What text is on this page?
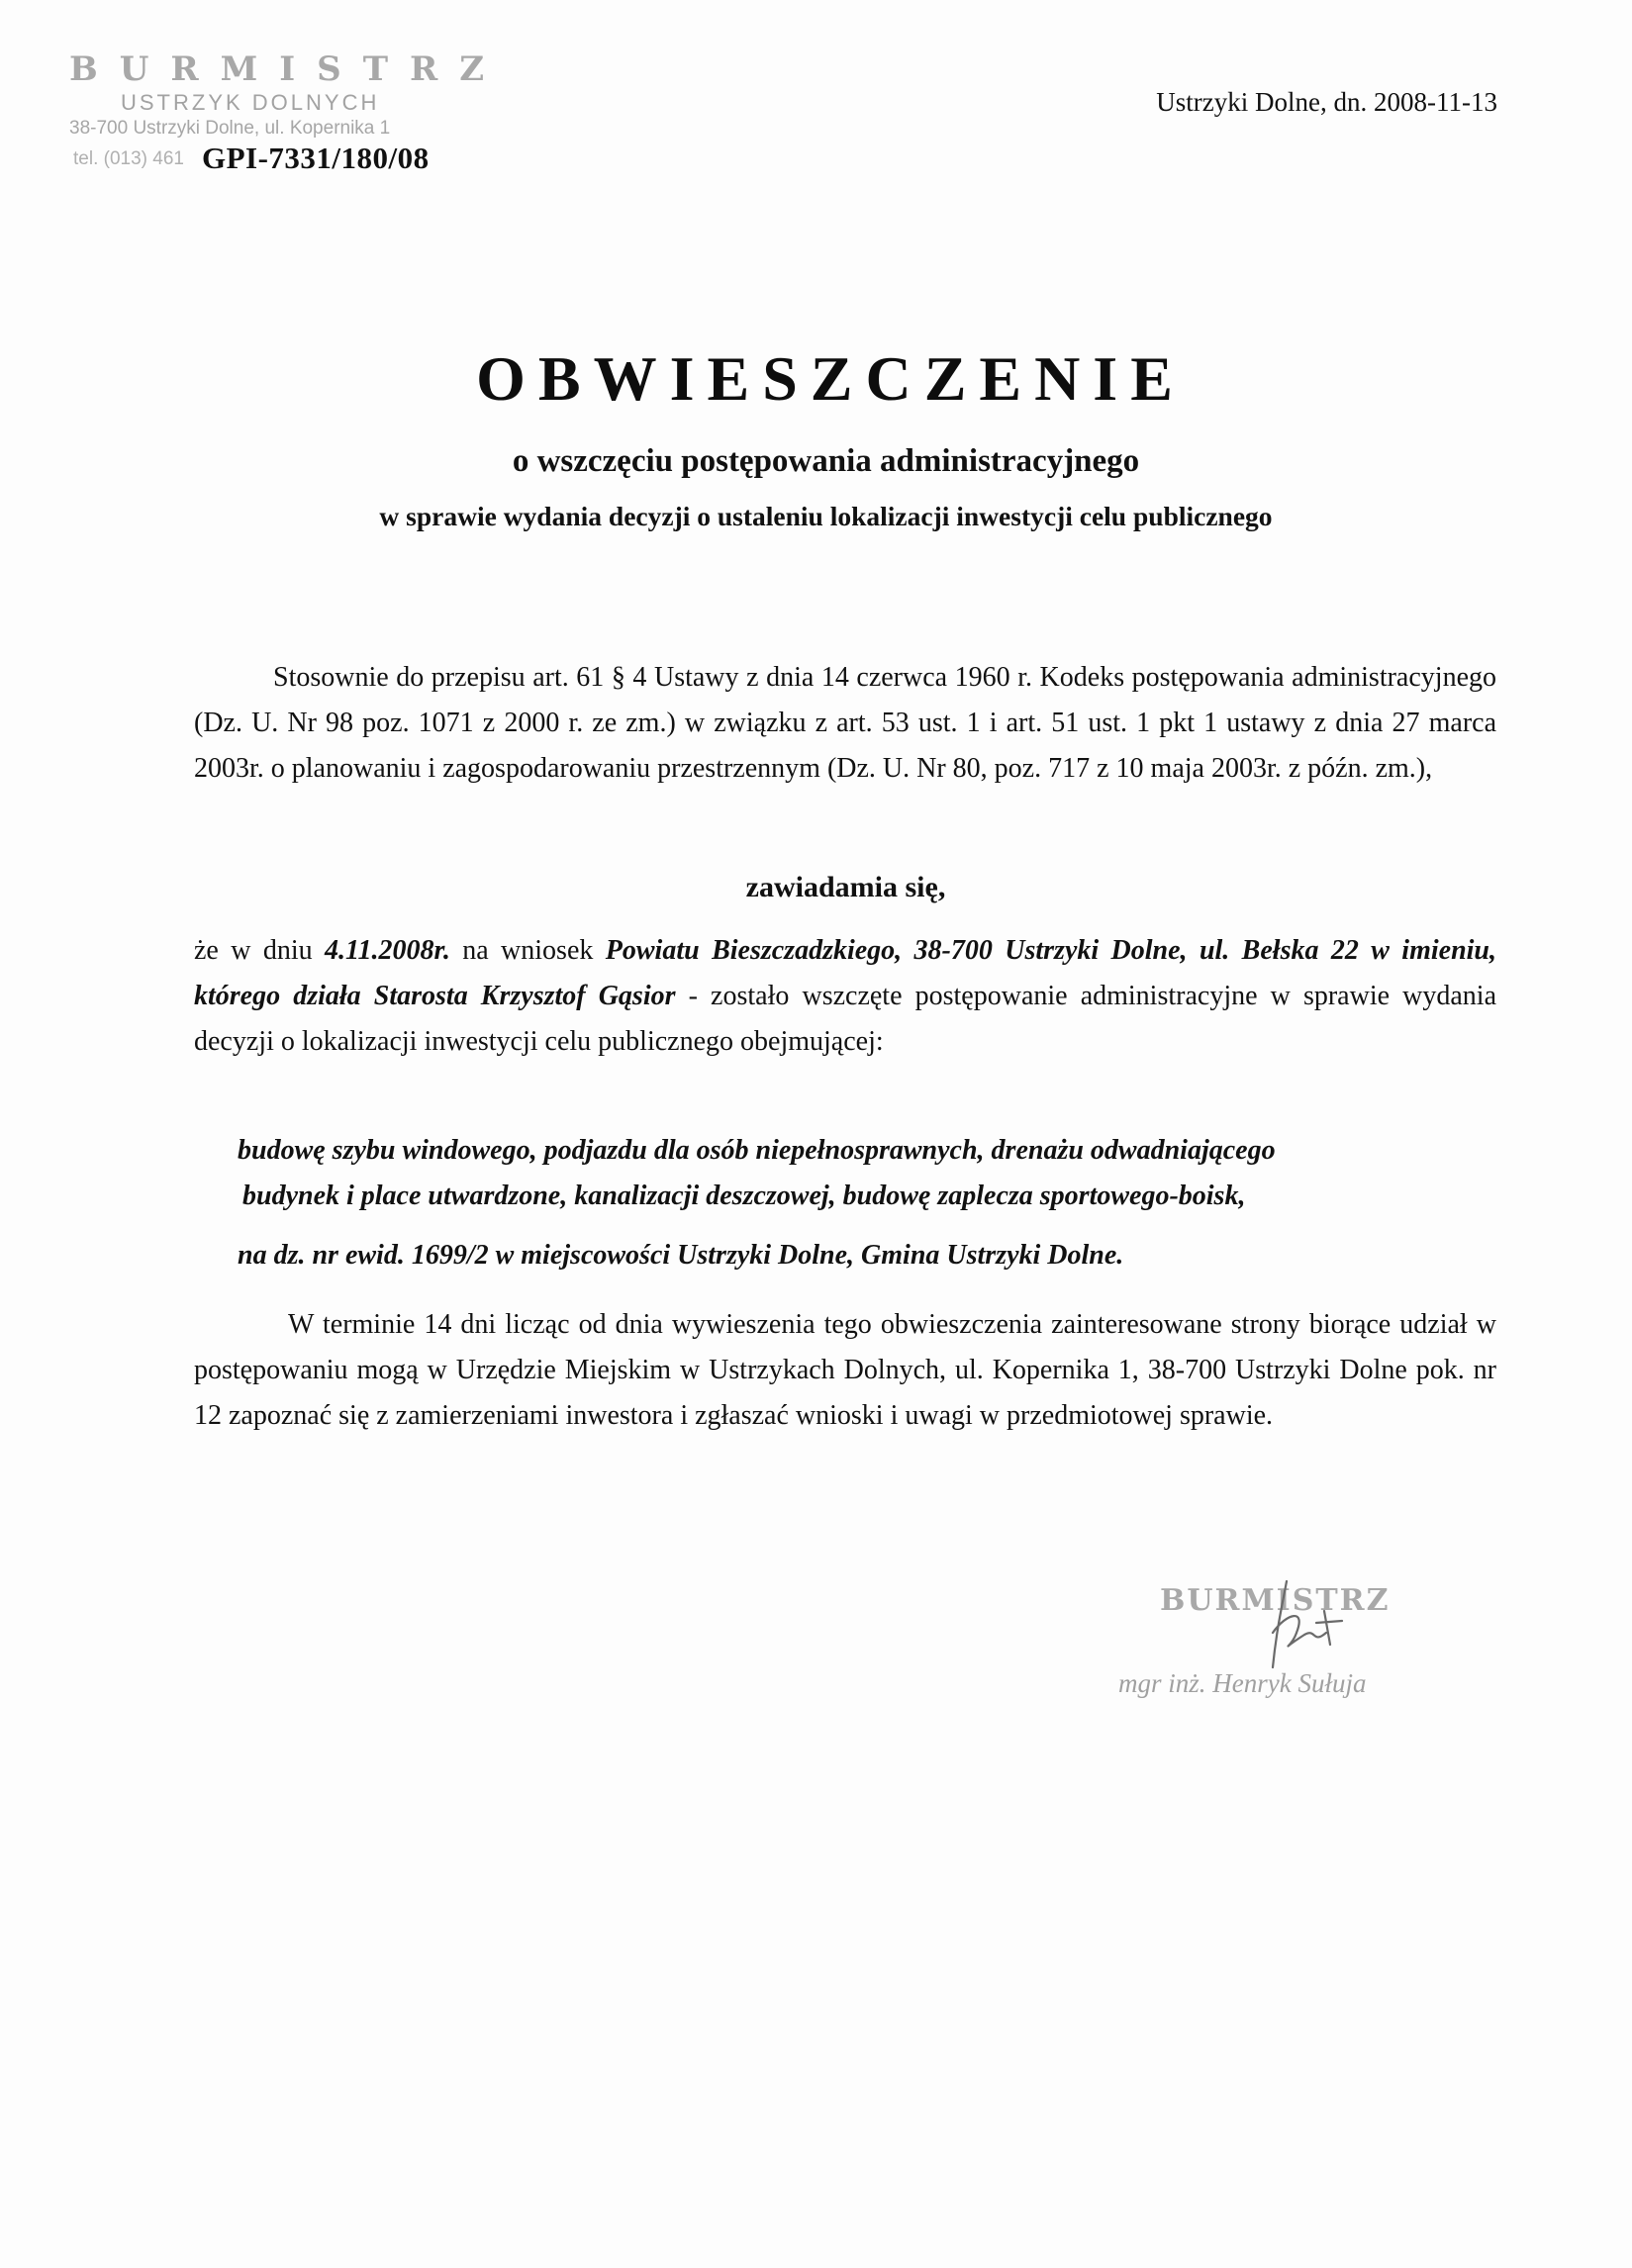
BURMISTRZ
USTRZYK DOLNYCH
38-700 Ustrzyki Dolne, ul. Kopernika 1
tel. (013) 461 GPI-7331/180/08
Ustrzyki Dolne, dn. 2008-11-13
OBWIESZCZENIE
o wszczęciu postępowania administracyjnego
w sprawie wydania decyzji o ustaleniu lokalizacji inwestycji celu publicznego
Stosownie do przepisu art. 61 § 4 Ustawy z dnia 14 czerwca 1960 r. Kodeks postępowania administracyjnego (Dz. U. Nr 98 poz. 1071 z 2000 r. ze zm.) w związku z art. 53 ust. 1 i art. 51 ust. 1 pkt 1 ustawy z dnia 27 marca 2003r. o planowaniu i zagospodarowaniu przestrzennym (Dz. U. Nr 80, poz. 717 z 10 maja 2003r. z późn. zm.),
zawiadamia się,
że w dniu 4.11.2008r. na wniosek Powiatu Bieszczadzkiego, 38-700 Ustrzyki Dolne, ul. Bełska 22 w imieniu, którego działa Starosta Krzysztof Gąsior - zostało wszczęte postępowanie administracyjne w sprawie wydania decyzji o lokalizacji inwestycji celu publicznego obejmującej:
budowę szybu windowego, podjazdu dla osób niepełnosprawnych, drenażu odwadniającego
budynek i place utwardzone, kanalizacji deszczowej, budowę zaplecza sportowego-boisk,
na dz. nr ewid. 1699/2 w miejscowości Ustrzyki Dolne, Gmina Ustrzyki Dolne.
W terminie 14 dni licząc od dnia wywieszenia tego obwieszczenia zainteresowane strony biorące udział w postępowaniu mogą w Urzędzie Miejskim w Ustrzykach Dolnych, ul. Kopernika 1, 38-700 Ustrzyki Dolne pok. nr 12 zapoznać się z zamierzeniami inwestora i zgłaszać wnioski i uwagi w przedmiotowej sprawie.
BURMISTRZ
mgr inż. Henryk Sułuja
